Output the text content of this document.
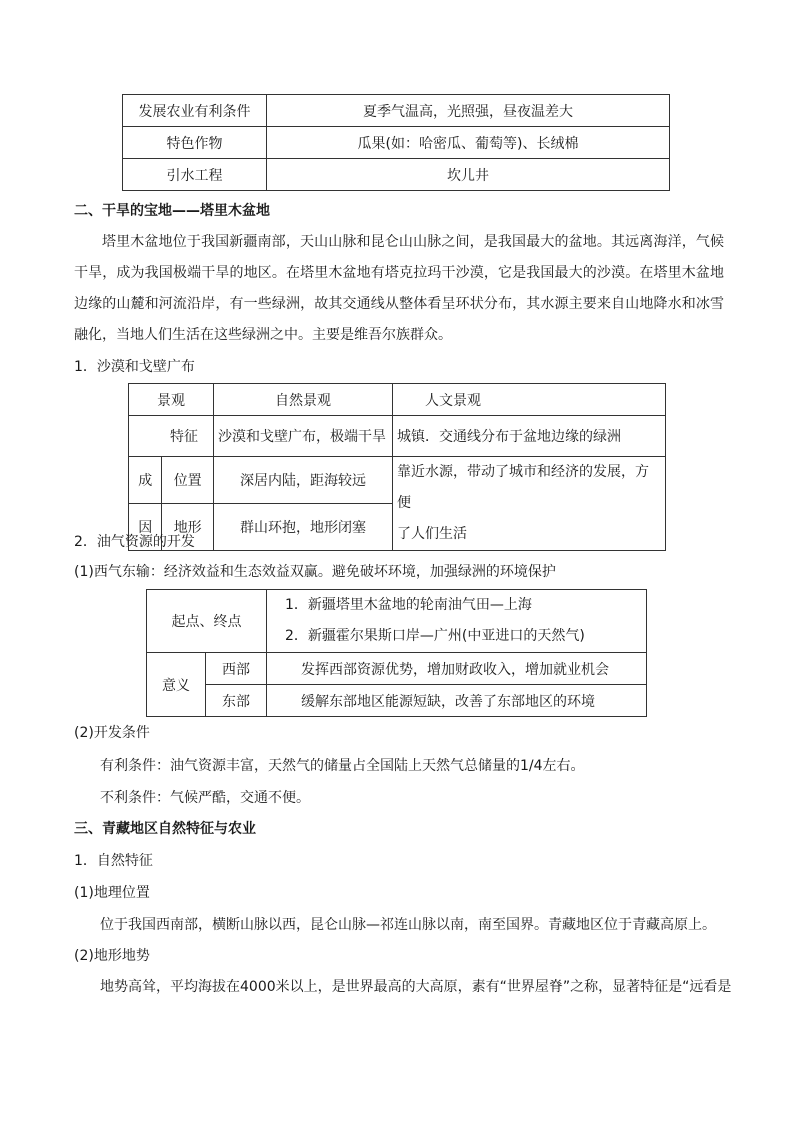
发展农业有利条件	夏季气温高，光照强，昼夜温差大
特色作物	瓜果(如：哈密瓜、葡萄等)、长绒棉
引水工程	坎儿井
二、干旱的宝地——塔里木盆地
塔里木盆地位于我国新疆南部，天山山脉和昆仑山山脉之间，是我国最大的盆地。其远离海洋，气候干旱，成为我国极端干旱的地区。在塔里木盆地有塔克拉玛干沙漠，它是我国最大的沙漠。在塔里木盆地边缘的山麓和河流沿岸，有一些绿洲，故其交通线从整体看呈环状分布，其水源主要来自山地降水和冰雪融化，当地人们生活在这些绿洲之中。主要是维吾尔族群众。
1．沙漠和戈壁广布
景观		自然景观	人文景观
特征		沙漠和戈壁广布，极端干旱	城镇．交通线分布于盆地边缘的绿洲
成	位置	深居内陆，距海较远	靠近水源，带动了城市和经济的发展，方便
了人们生活

因	地形	群山环抱，地形闭塞	
2．油气资源的开发
(1)西气东输：经济效益和生态效益双赢。避免破坏环境，加强绿洲的环境保护
起点、终点		1．新疆塔里木盆地的轮南油气田—上海
2．新疆霍尔果斯口岸—广州(中亚进口的天然气)

意义	西部	发挥西部资源优势，增加财政收入，增加就业机会
	东部	缓解东部地区能源短缺，改善了东部地区的环境
(2)开发条件
有利条件：油气资源丰富，天然气的储量占全国陆上天然气总储量的1/4左右。
不利条件：气候严酷，交通不便。
三、青藏地区自然特征与农业
1．自然特征
(1)地理位置
位于我国西南部，横断山脉以西，昆仑山脉—祁连山脉以南，南至国界。青藏地区位于青藏高原上。
(2)地形地势
地势高耸，平均海拔在4000米以上，是世界最高的大高原，素有“世界屋脊”之称，显著特征是“远看是
